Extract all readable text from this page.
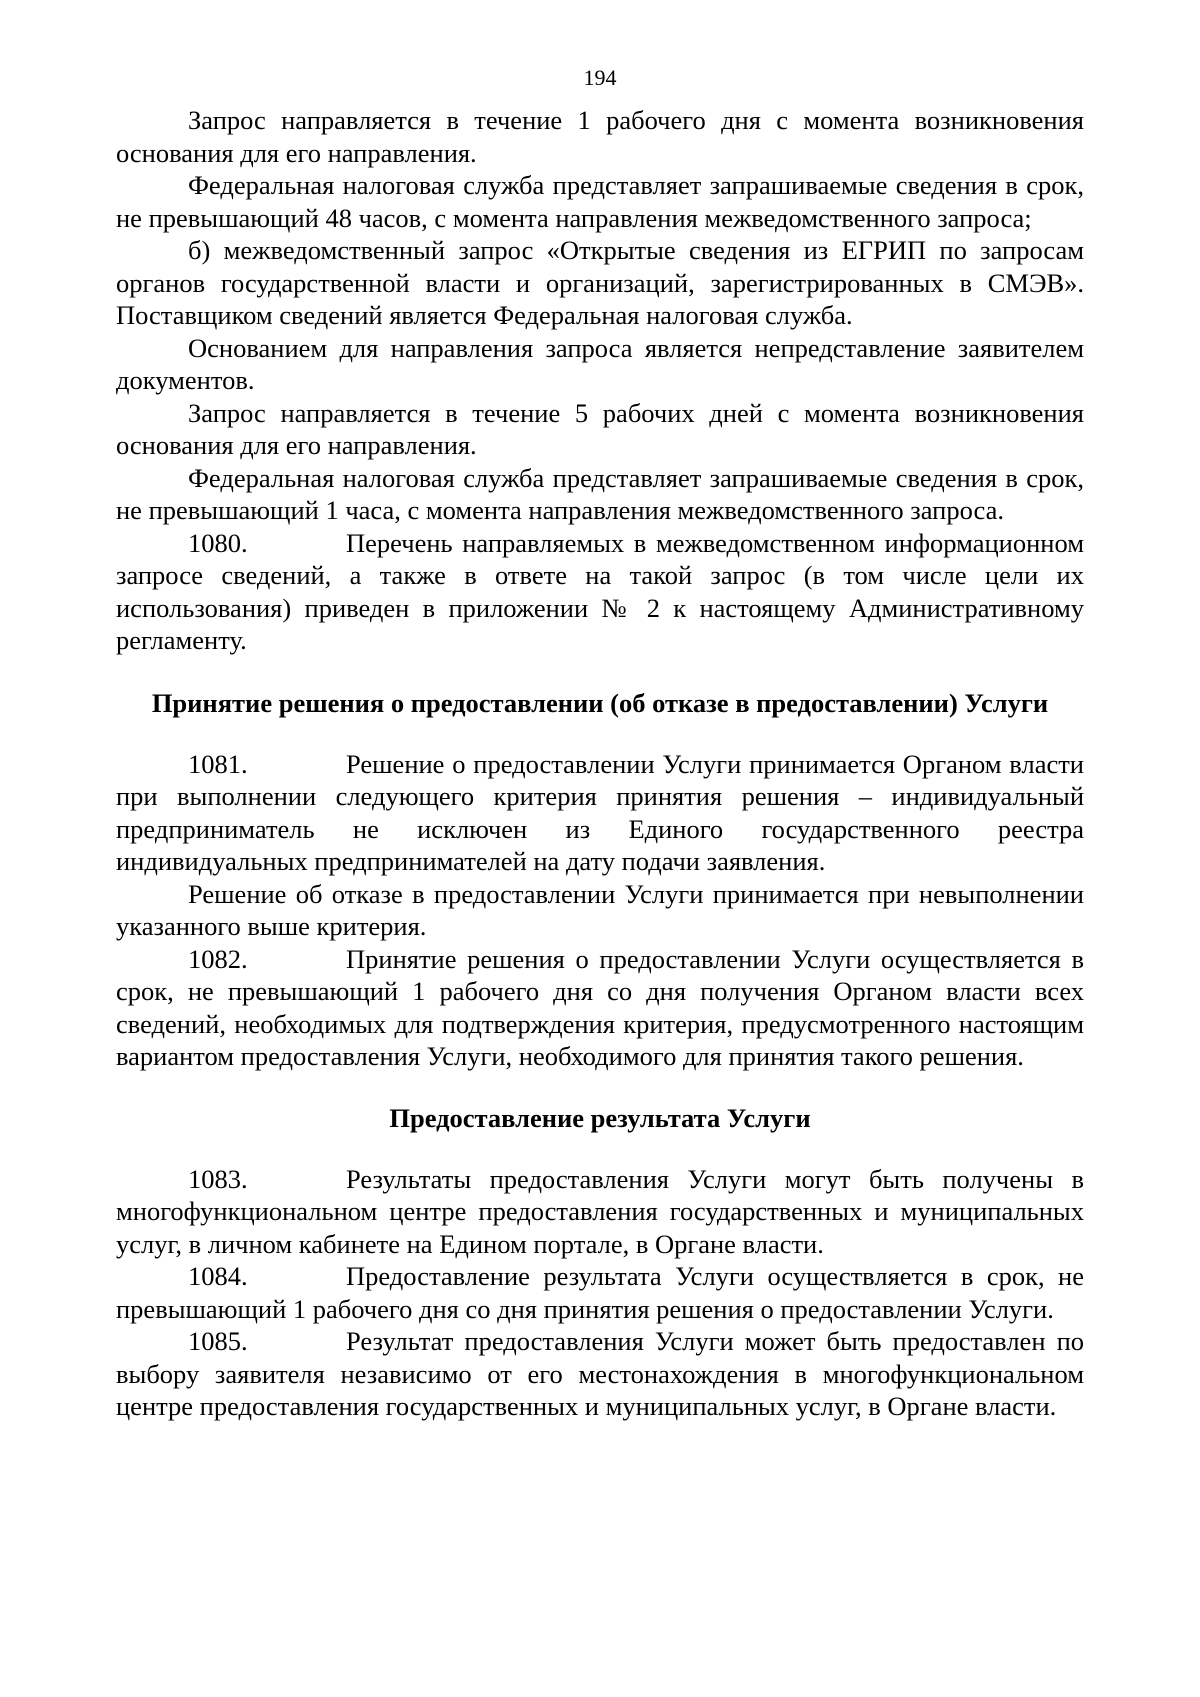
194

Запрос направляется в течение 1 рабочего дня с момента возникновения основания для его направления.

Федеральная налоговая служба представляет запрашиваемые сведения в срок, не превышающий 48 часов, с момента направления межведомственного запроса;

б) межведомственный запрос «Открытые сведения из ЕГРИП по запросам органов государственной власти и организаций, зарегистрированных в СМЭВ». Поставщиком сведений является Федеральная налоговая служба.

Основанием для направления запроса является непредставление заявителем документов.

Запрос направляется в течение 5 рабочих дней с момента возникновения основания для его направления.

Федеральная налоговая служба представляет запрашиваемые сведения в срок, не превышающий 1 часа, с момента направления межведомственного запроса.

1080.	Перечень направляемых в межведомственном информационном запросе сведений, а также в ответе на такой запрос (в том числе цели их использования) приведен в приложении № 2 к настоящему Административному регламенту.

Принятие решения о предоставлении (об отказе в предоставлении) Услуги

1081.	Решение о предоставлении Услуги принимается Органом власти при выполнении следующего критерия принятия решения – индивидуальный предприниматель не исключен из Единого государственного реестра индивидуальных предпринимателей на дату подачи заявления.

Решение об отказе в предоставлении Услуги принимается при невыполнении указанного выше критерия.

1082.	Принятие решения о предоставлении Услуги осуществляется в срок, не превышающий 1 рабочего дня со дня получения Органом власти всех сведений, необходимых для подтверждения критерия, предусмотренного настоящим вариантом предоставления Услуги, необходимого для принятия такого решения.

Предоставление результата Услуги

1083.	Результаты предоставления Услуги могут быть получены в многофункциональном центре предоставления государственных и муниципальных услуг, в личном кабинете на Едином портале, в Органе власти.

1084.	Предоставление результата Услуги осуществляется в срок, не превышающий 1 рабочего дня со дня принятия решения о предоставлении Услуги.

1085.	Результат предоставления Услуги может быть предоставлен по выбору заявителя независимо от его местонахождения в многофункциональном центре предоставления государственных и муниципальных услуг, в Органе власти.
